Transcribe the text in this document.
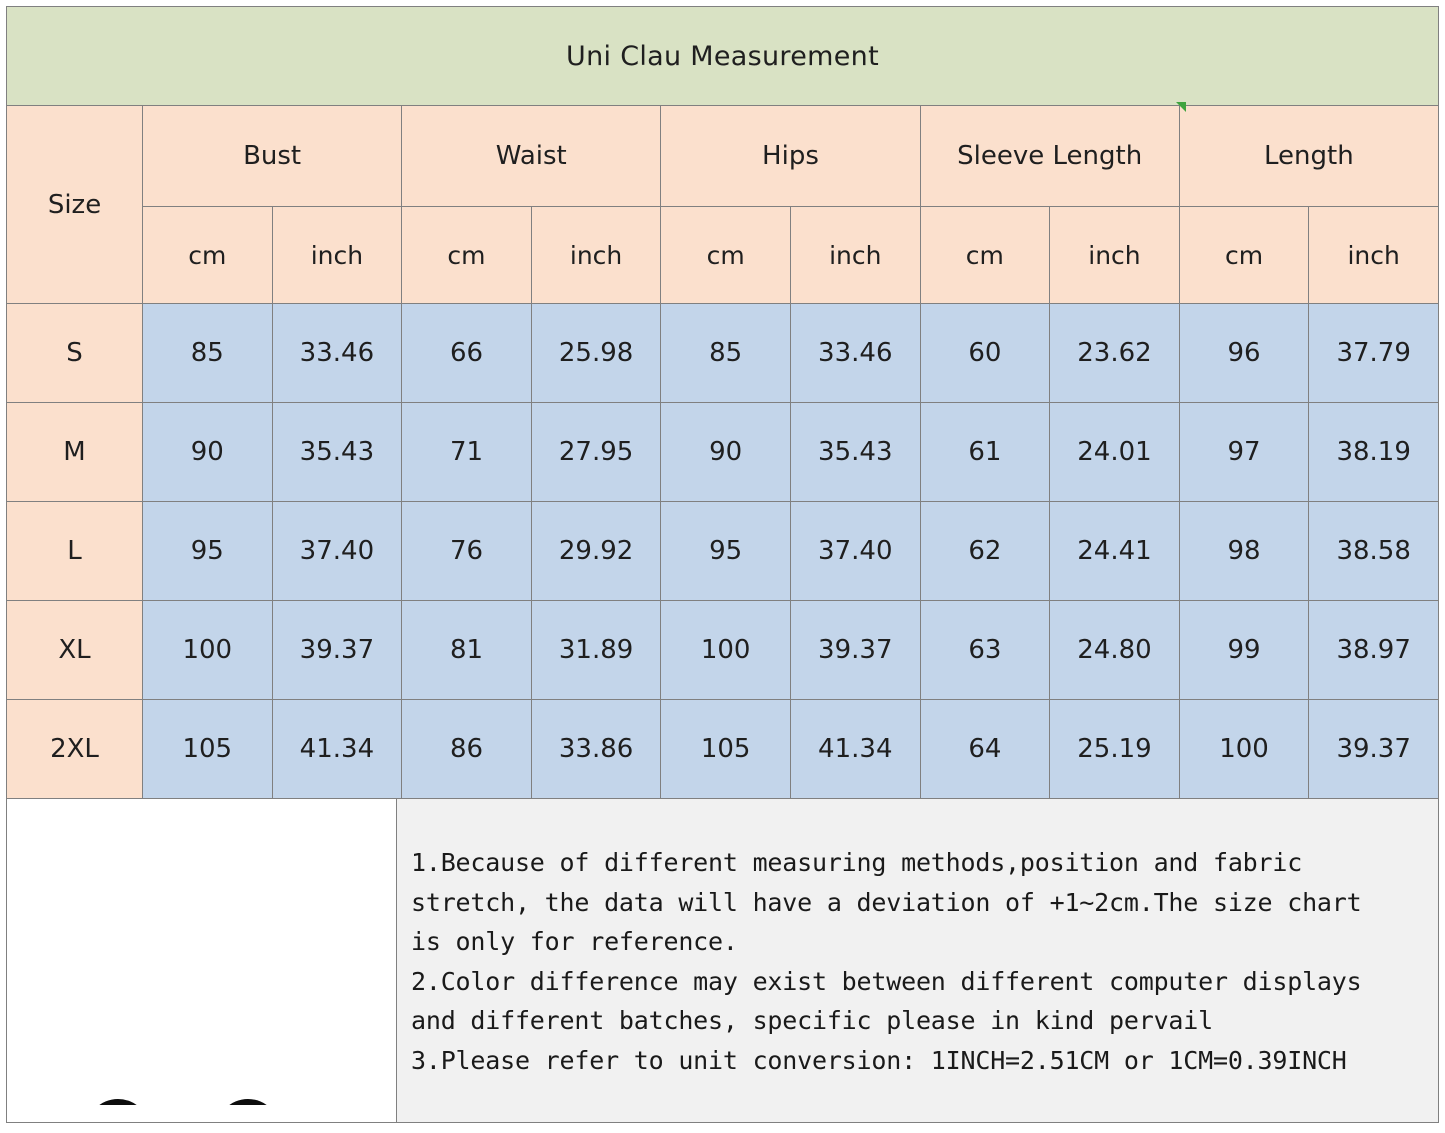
Uni Clau Measurement										
Size	Bust		Waist		Hips		Sleeve Length		Length	
	cm	inch	cm	inch	cm	inch	cm	inch	cm	inch
S	85	33.46	66	25.98	85	33.46	60	23.62	96	37.79
M	90	35.43	71	27.95	90	35.43	61	24.01	97	38.19
L	95	37.40	76	29.92	95	37.40	62	24.41	98	38.58
XL	100	39.37	81	31.89	100	39.37	63	24.80	99	38.97
2XL	105	41.34	86	33.86	105	41.34	64	25.19	100	39.37

1.Because of different measuring methods,position and fabric

stretch, the data will have a deviation of +1~2cm.The size chart

is only for reference.

2.Color difference may exist between different computer displays

and different batches, specific please in kind pervail

3.Please refer to unit conversion: 1INCH=2.51CM or 1CM=0.39INCH
